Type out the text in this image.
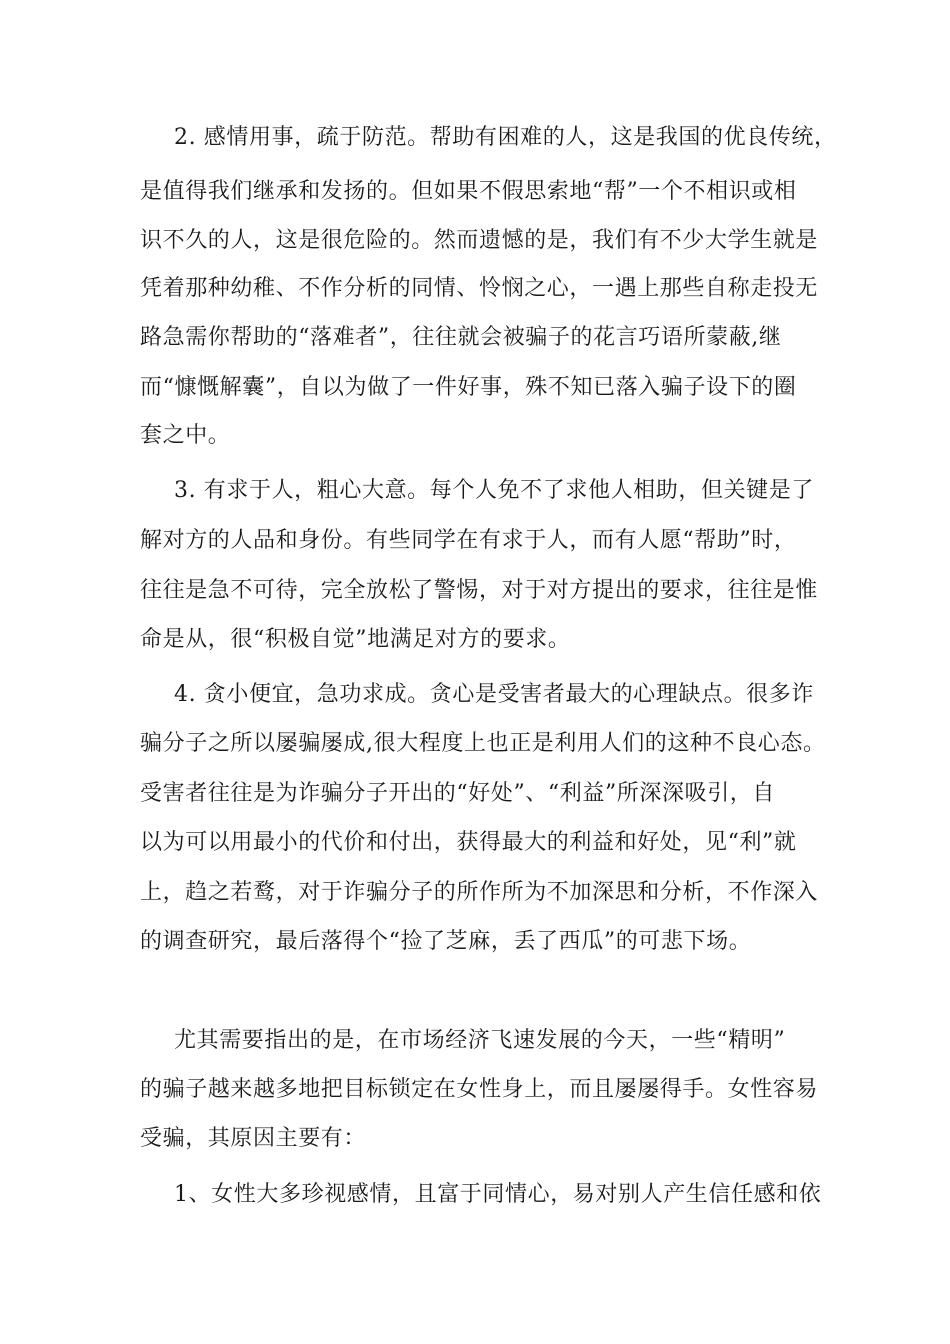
2. 感情用事，疏于防范。帮助有困难的人，这是我国的优良传统，
是值得我们继承和发扬的。但如果不假思索地“帮”一个不相识或相
识不久的人，这是很危险的。然而遗憾的是，我们有不少大学生就是
凭着那种幼稚、不作分析的同情、怜悯之心，一遇上那些自称走投无
路急需你帮助的“落难者”，往往就会被骗子的花言巧语所蒙蔽,继
而“慷慨解囊”，自以为做了一件好事，殊不知已落入骗子设下的圈
套之中。
3. 有求于人，粗心大意。每个人免不了求他人相助，但关键是了
解对方的人品和身份。有些同学在有求于人，而有人愿“帮助”时，
往往是急不可待，完全放松了警惕，对于对方提出的要求，往往是惟
命是从，很“积极自觉”地满足对方的要求。
4. 贪小便宜，急功求成。贪心是受害者最大的心理缺点。很多诈
骗分子之所以屡骗屡成,很大程度上也正是利用人们的这种不良心态。
受害者往往是为诈骗分子开出的“好处”、“利益”所深深吸引，自
以为可以用最小的代价和付出，获得最大的利益和好处，见“利”就
上，趋之若鹜，对于诈骗分子的所作所为不加深思和分析，不作深入
的调查研究，最后落得个“捡了芝麻，丢了西瓜”的可悲下场。
尤其需要指出的是，在市场经济飞速发展的今天，一些“精明”
的骗子越来越多地把目标锁定在女性身上，而且屡屡得手。女性容易
受骗，其原因主要有：
1、女性大多珍视感情，且富于同情心，易对别人产生信任感和依
